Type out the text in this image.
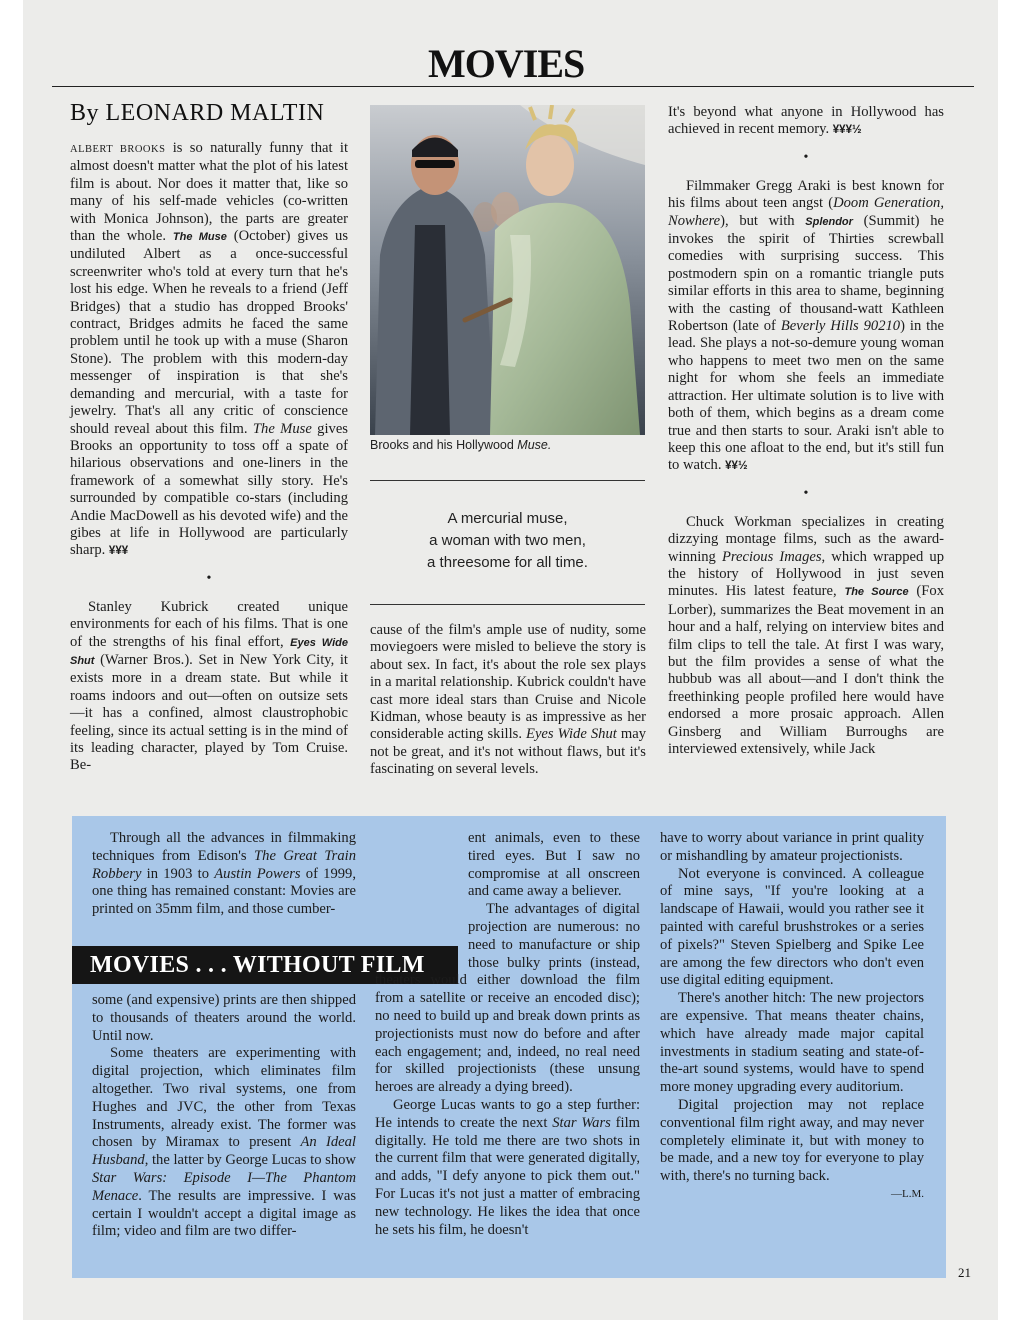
MOVIES
By LEONARD MALTIN

ALBERT BROOKS is so naturally funny that it almost doesn't matter what the plot of his latest film is about. Nor does it matter that, like so many of his self-made vehicles (co-written with Monica Johnson), the parts are greater than the whole. The Muse (October) gives us undiluted Albert as a once-successful screenwriter who's told at every turn that he's lost his edge. When he reveals to a friend (Jeff Bridges) that a studio has dropped Brooks' contract, Bridges admits he faced the same problem until he took up with a muse (Sharon Stone). The problem with this modern-day messenger of inspiration is that she's demanding and mercurial, with a taste for jewelry. That's all any critic of conscience should reveal about this film. The Muse gives Brooks an opportunity to toss off a spate of hilarious observations and one-liners in the framework of a somewhat silly story. He's surrounded by compatible co-stars (including Andie MacDowell as his devoted wife) and the gibes at life in Hollywood are particularly sharp. ¥¥¥

•

Stanley Kubrick created unique environments for each of his films. That is one of the strengths of his final effort, Eyes Wide Shut (Warner Bros.). Set in New York City, it exists more in a dream state. But while it roams indoors and out—often on outsize sets—it has a confined, almost claustrophobic feeling, since its actual setting is in the mind of its leading character, played by Tom Cruise. Be-

Brooks and his Hollywood Muse.
A mercurial muse,
a woman with two men,
a threesome for all time.

cause of the film's ample use of nudity, some moviegoers were misled to believe the story is about sex. In fact, it's about the role sex plays in a marital relationship. Kubrick couldn't have cast more ideal stars than Cruise and Nicole Kidman, whose beauty is as impressive as her considerable acting skills. Eyes Wide Shut may not be great, and it's not without flaws, but it's fascinating on several levels.

It's beyond what anyone in Hollywood has achieved in recent memory. ¥¥¥½

•

Filmmaker Gregg Araki is best known for his films about teen angst (Doom Generation, Nowhere), but with Splendor (Summit) he invokes the spirit of Thirties screwball comedies with surprising success. This postmodern spin on a romantic triangle puts similar efforts in this area to shame, beginning with the casting of thousand-watt Kathleen Robertson (late of Beverly Hills 90210) in the lead. She plays a not-so-demure young woman who happens to meet two men on the same night for whom she feels an immediate attraction. Her ultimate solution is to live with both of them, which begins as a dream come true and then starts to sour. Araki isn't able to keep this one afloat to the end, but it's still fun to watch. ¥¥½

•

Chuck Workman specializes in creating dizzying montage films, such as the award-winning Precious Images, which wrapped up the history of Hollywood in just seven minutes. His latest feature, The Source (Fox Lorber), summarizes the Beat movement in an hour and a half, relying on interview bites and film clips to tell the tale. At first I was wary, but the film provides a sense of what the hubbub was all about—and I don't think the freethinking people profiled here would have endorsed a more prosaic approach. Allen Ginsberg and William Burroughs are interviewed extensively, while Jack

MOVIES . . . WITHOUT FILM

Through all the advances in filmmaking techniques from Edison's The Great Train Robbery in 1903 to Austin Powers of 1999, one thing has remained constant: Movies are printed on 35mm film, and those cumber-

some (and expensive) prints are then shipped to thousands of theaters around the world. Until now.

Some theaters are experimenting with digital projection, which eliminates film altogether. Two rival systems, one from Hughes and JVC, the other from Texas Instruments, already exist. The former was chosen by Miramax to present An Ideal Husband, the latter by George Lucas to show Star Wars: Episode I—The Phantom Menace. The results are impressive. I was certain I wouldn't accept a digital image as film; video and film are two differ-

ent animals, even to these tired eyes. But I saw no compromise at all onscreen and came away a believer.

The advantages of digital projection are numerous: no need to manufacture or ship those bulky prints (instead, theaters would either download the film from a satellite or receive an encoded disc); no need to build up and break down prints as projectionists must now do before and after each engagement; and, indeed, no real need for skilled projectionists (these unsung heroes are already a dying breed).

George Lucas wants to go a step further: He intends to create the next Star Wars film digitally. He told me there are two shots in the current film that were generated digitally, and adds, "I defy anyone to pick them out." For Lucas it's not just a matter of embracing new technology. He likes the idea that once he sets his film, he doesn't

have to worry about variance in print quality or mishandling by amateur projectionists.

Not everyone is convinced. A colleague of mine says, "If you're looking at a landscape of Hawaii, would you rather see it painted with careful brushstrokes or a series of pixels?" Steven Spielberg and Spike Lee are among the few directors who don't even use digital editing equipment.

There's another hitch: The new projectors are expensive. That means theater chains, which have already made major capital investments in stadium seating and state-of-the-art sound systems, would have to spend more money upgrading every auditorium.

Digital projection may not replace conventional film right away, and may never completely eliminate it, but with money to be made, and a new toy for everyone to play with, there's no turning back.

—L.M.

21
